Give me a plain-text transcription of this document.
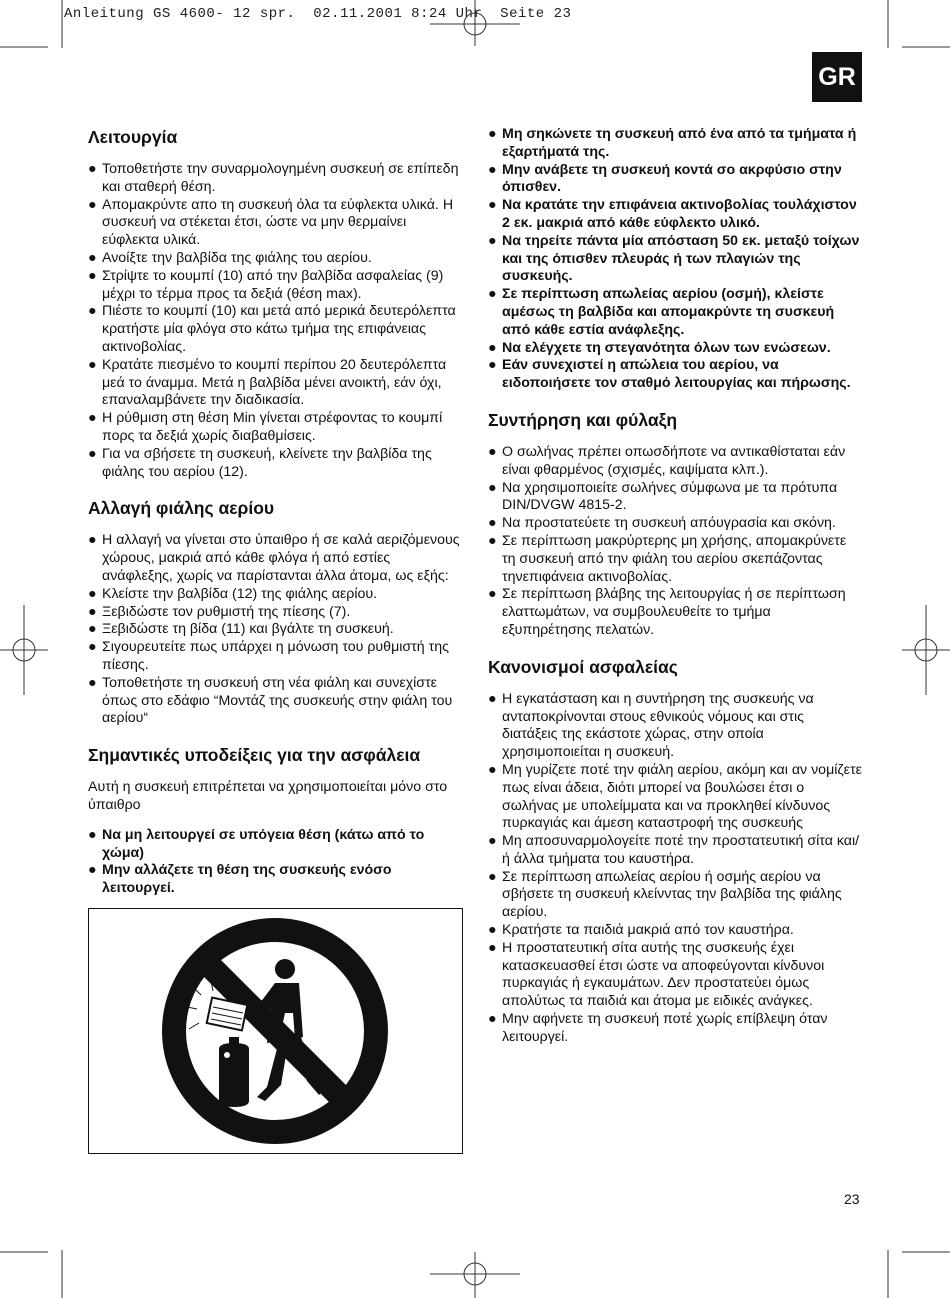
Anleitung GS 4600- 12 spr.  02.11.2001 8:24 Uhr  Seite 23
GR
Λειτουργία
● Τοποθετήστε την συναρμολογημένη συσκευή σε επίπεδη και σταθερή θέση.
● Απομακρύντε απο τη συσκευή όλα τα εύφλεκτα υλικά. Η συσκευή να στέκεται έτσι, ώστε να μην θερμαίνει εύφλεκτα υλικά.
● Ανοίξτε την βαλβίδα της φιάλης του αερίου.
● Στρίψτε το κουμπί (10) από την βαλβίδα ασφαλείας (9) μέχρι το τέρμα προς τα δεξιά (θέση max).
● Πιέστε το κουμπί (10) και μετά από μερικά δευτερόλεπτα κρατήστε μία φλόγα στο κάτω τμήμα της επιφάνειας ακτινοβολίας.
● Κρατάτε πιεσμένο το κουμπί περίπου 20 δευτερόλεπτα μεά το άναμμα. Μετά η βαλβίδα μένει ανοικτή, εάν όχι, επαναλαμβάνετε την διαδικασία.
● Η ρύθμιση στη θέση Min γίνεται στρέφοντας το κουμπί πορς τα δεξιά χωρίς διαβαθμίσεις.
● Για να σβήσετε τη συσκευή, κλείνετε την βαλβίδα της φιάλης του αερίου (12).
Αλλαγή φιάλης αερίου
● Η αλλαγή να γίνεται στο ύπαιθρο ή σε καλά αεριζόμενους χώρους, μακριά από κάθε φλόγα ή από εστίες ανάφλεξης, χωρίς να παρίστανται άλλα άτομα, ως εξής:
● Κλείστε την βαλβίδα (12) της φιάλης αερίου.
● Ξεβιδώστε τον ρυθμιστή της πίεσης (7).
● Ξεβιδώστε τη βίδα (11) και βγάλτε τη συσκευή.
● Σιγουρευτείτε πως υπάρχει η μόνωση του ρυθμιστή της πίεσης.
● Τοποθετήστε τη συσκευή στη νέα φιάλη και συνεχίστε όπως στο εδάφιο “Μοντάζ της συσκευής στην φιάλη του αερίου“
Σημαντικές υποδείξεις για την ασφάλεια

Αυτή η συσκευή επιτρέπεται να χρησιμοποιείται μόνο στο ύπαιθρο

● Να μη λειτουργεί σε υπόγεια θέση (κάτω από το χώμα)
● Μην αλλάζετε τη θέση της συσκευής ενόσο λειτουργεί.
● Μη σηκώνετε τη συσκευή από ένα από τα τμήματα ή εξαρτήματά της.
● Μην ανάβετε τη συσκευή κοντά σο ακρφύσιο στην όπισθεν.
● Να κρατάτε την επιφάνεια ακτινοβολίας τουλάχιστον 2 εκ. μακριά από κάθε εύφλεκτο υλικό.
● Να τηρείτε πάντα μία απόσταση 50 εκ. μεταξύ τοίχων και της όπισθεν πλευράς ή των πλαγιών της συσκευής.
● Σε περίπτωση απωλείας αερίου (οσμή), κλείστε αμέσως τη βαλβίδα και απομακρύντε τη συσκευή από κάθε εστία ανάφλεξης.
● Να ελέγχετε τη στεγανότητα όλων των ενώσεων.
● Εάν συνεχιστεί η απώλεια του αερίου, να ειδοποιήσετε τον σταθμό λειτουργίας και πήρωσης.
Συντήρηση και φύλαξη
● Ο σωλήνας πρέπει οπωσδήποτε να αντικαθίσταται εάν είναι φθαρμένος (σχισμές, καψίματα κλπ.).
● Να χρησιμοποιείτε σωλήνες σύμφωνα με τα πρότυπα DIN/DVGW 4815-2.
● Να προστατεύετε τη συσκευή απόυγρασία και σκόνη.
● Σε περίπτωση μακρύρτερης μη χρήσης, απομακρύνετε τη συσκευή από την φιάλη του αερίου σκεπάζοντας τηνεπιφάνεια ακτινοβολίας.
● Σε περίπτωση βλάβης της λειτουργίας ή σε περίπτωση ελαττωμάτων, να συμβουλευθείτε το τμήμα εξυπηρέτησης πελατών.
Κανονισμοί ασφαλείας
● Η εγκατάσταση και η συντήρηση της συσκευής να ανταποκρίνονται στους εθνικούς νόμους και στις διατάξεις της εκάστοτε χώρας, στην οποία χρησιμοποιείται η συσκευή.
● Μη γυρίζετε ποτέ την φιάλη αερίου, ακόμη και αν νομίζετε πως είναι άδεια, διότι μπορεί να βουλώσει έτσι ο σωλήνας με υπολείμματα και να προκληθεί κίνδυνος πυρκαγιάς και άμεση καταστροφή της συσκευής
● Μη αποσυναρμολογείτε ποτέ την προστατευτική σίτα και/ή άλλα τμήματα του καυστήρα.
● Σε περίπτωση απωλείας αερίου ή οσμής αερίου να σβήσετε τη συσκευή κλείνντας την βαλβίδα της φιάλης αερίου.
● Κρατήστε τα παιδιά μακριά από τον καυστήρα.
● Η προστατευτική σίτα αυτής της συσκευής έχει κατασκευασθεί έτσι ώστε να αποφεύγονται κίνδυνοι πυρκαγιάς ή εγκαυμάτων. Δεν προστατεύει όμως απολύτως τα παιδιά και άτομα με ειδικές ανάγκες.
● Μην αφήνετε τη συσκευή ποτέ χωρίς επίβλεψη όταν λειτουργεί.
23
